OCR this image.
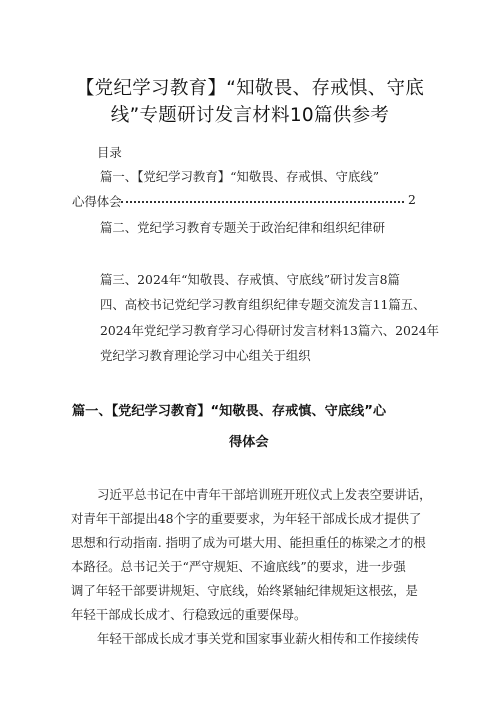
【党纪学习教育】“知敬畏、存戒惧、守底
线”专题研讨发言材料10篇供参考
目录
篇一、【党纪学习教育】“知敬畏、存戒惧、守底线”
心得体会	2
篇二、党纪学习教育专题关于政治纪律和组织纪律研
篇三、2024年“知敬畏、存戒慎、守底线”研讨发言8篇
四、高校书记党纪学习教育组织纪律专题交流发言11篇五、
2024年党纪学习教育学习心得研讨发言材料13篇六、2024年
党纪学习教育理论学习中心组关于组织
篇一、【党纪学习教育】“知敬畏、存戒慎、守底线”心
得体会
习近平总书记在中青年干部培训班开班仪式上发表空要讲话，
对青年干部提出48个字的重要要求，为年轻干部成长成才提供了
思想和行动指南. 指明了成为可堪大用、能担重任的栋梁之才的根
本路径。总书记关于“严守规矩、不逾底线”的要求，进一步强
调了年轻干部要讲规矩、守底线，始终紧轴纪律规矩这根弦，是
年轻干部成长成才、行稳致远的重要保母。
年轻干部成长成才事关党和国家事业薪火相传和工作接续传
